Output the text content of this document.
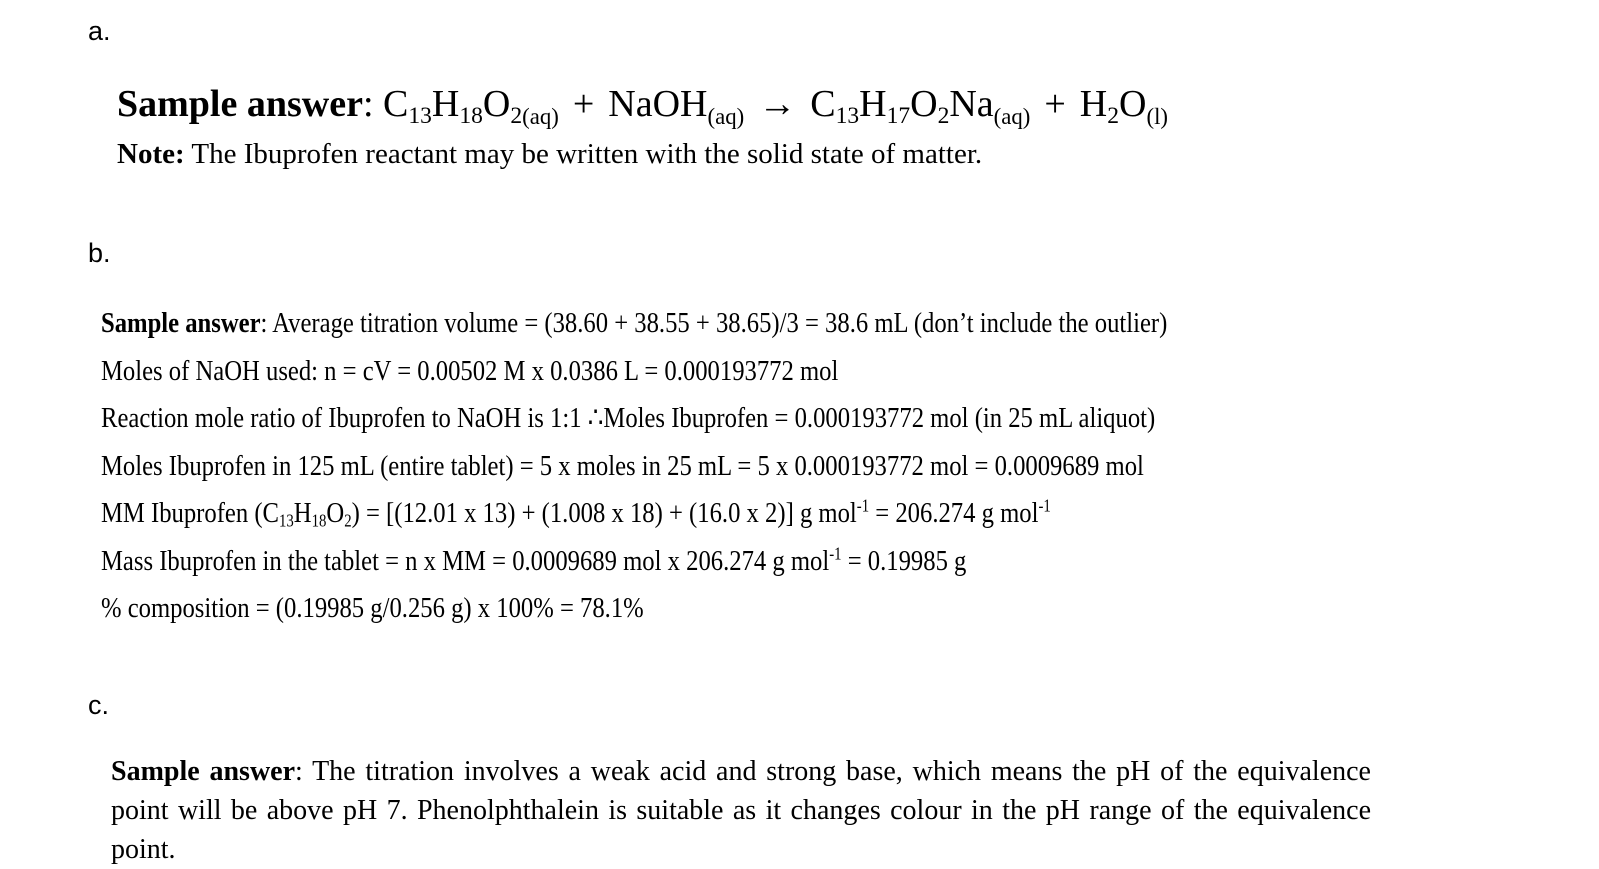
a.
Sample answer: $C_{13}H_{18}O_{2(aq)}$ + NaOH$_{(aq)}$ → $C_{13}H_{17}O_2Na_{(aq)} + H_2O_{(l)}$
Note: The Ibuprofen reactant may be written with the solid state of matter.
b.
Sample answer: Average titration volume = (38.60 + 38.55 + 38.65)/3 = 38.6 mL (don’t include the outlier)
Moles of NaOH used: n = cV = 0.00502 M x 0.0386 L = 0.000193772 mol
Reaction mole ratio of Ibuprofen to NaOH is 1:1 ∴Moles Ibuprofen = 0.000193772 mol (in 25 mL aliquot)
Moles Ibuprofen in 125 mL (entire tablet) = 5 x moles in 25 mL = 5 x 0.000193772 mol = 0.0009689 mol
MM Ibuprofen $(C_{13}H_{18}O_2) = [(12.01$ x 13) + (1.008 x 18) + (16.0 x 2)] g mol$^{-1}$ = 206.274 g mol$^{-1}$
Mass Ibuprofen in the tablet = n x MM = 0.0009689 mol x 206.274 g mol$^{-1}$ = 0.19985 g
% composition = (0.19985 g/0.256 g) x 100% = 78.1%
c.
Sample answer: The titration involves a weak acid and strong base, which means the pH of the equivalence point will be above pH 7. Phenolphthalein is suitable as it changes colour in the pH range of the equivalence point.
